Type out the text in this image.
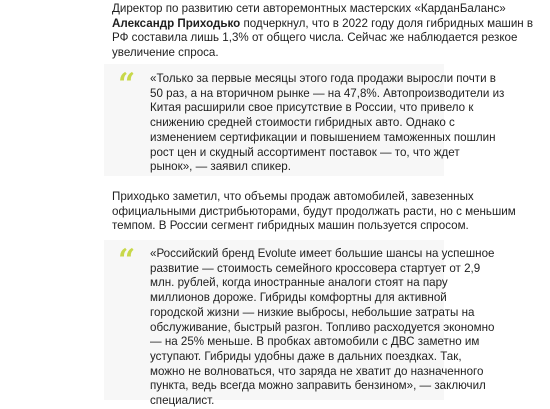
Директор по развитию сети авторемонтных мастерских «КарданБаланс»
Александр Приходько подчеркнул, что в 2022 году доля гибридных машин в
РФ составила лишь 1,3% от общего числа. Сейчас же наблюдается резкое
увеличение спроса.

“ «Только за первые месяцы этого года продажи выросли почти в
50 раз, а на вторичном рынке — на 47,8%. Автопроизводители из
Китая расширили свое присутствие в России, что привело к
снижению средней стоимости гибридных авто. Однако с
изменением сертификации и повышением таможенных пошлин
рост цен и скудный ассортимент поставок — то, что ждет
рынок», — заявил спикер.

Приходько заметил, что объемы продаж автомобилей, завезенных
официальными дистрибьюторами, будут продолжать расти, но с меньшим
темпом. В России сегмент гибридных машин пользуется спросом.

“ «Российский бренд Evolute имеет большие шансы на успешное
развитие — стоимость семейного кроссовера стартует от 2,9
млн. рублей, когда иностранные аналоги стоят на пару
миллионов дороже. Гибриды комфортны для активной
городской жизни — низкие выбросы, небольшие затраты на
обслуживание, быстрый разгон. Топливо расходуется экономно
— на 25% меньше. В пробках автомобили с ДВС заметно им
уступают. Гибриды удобны даже в дальних поездках. Так,
можно не волноваться, что заряда не хватит до назначенного
пункта, ведь всегда можно заправить бензином», — заключил
специалист.
